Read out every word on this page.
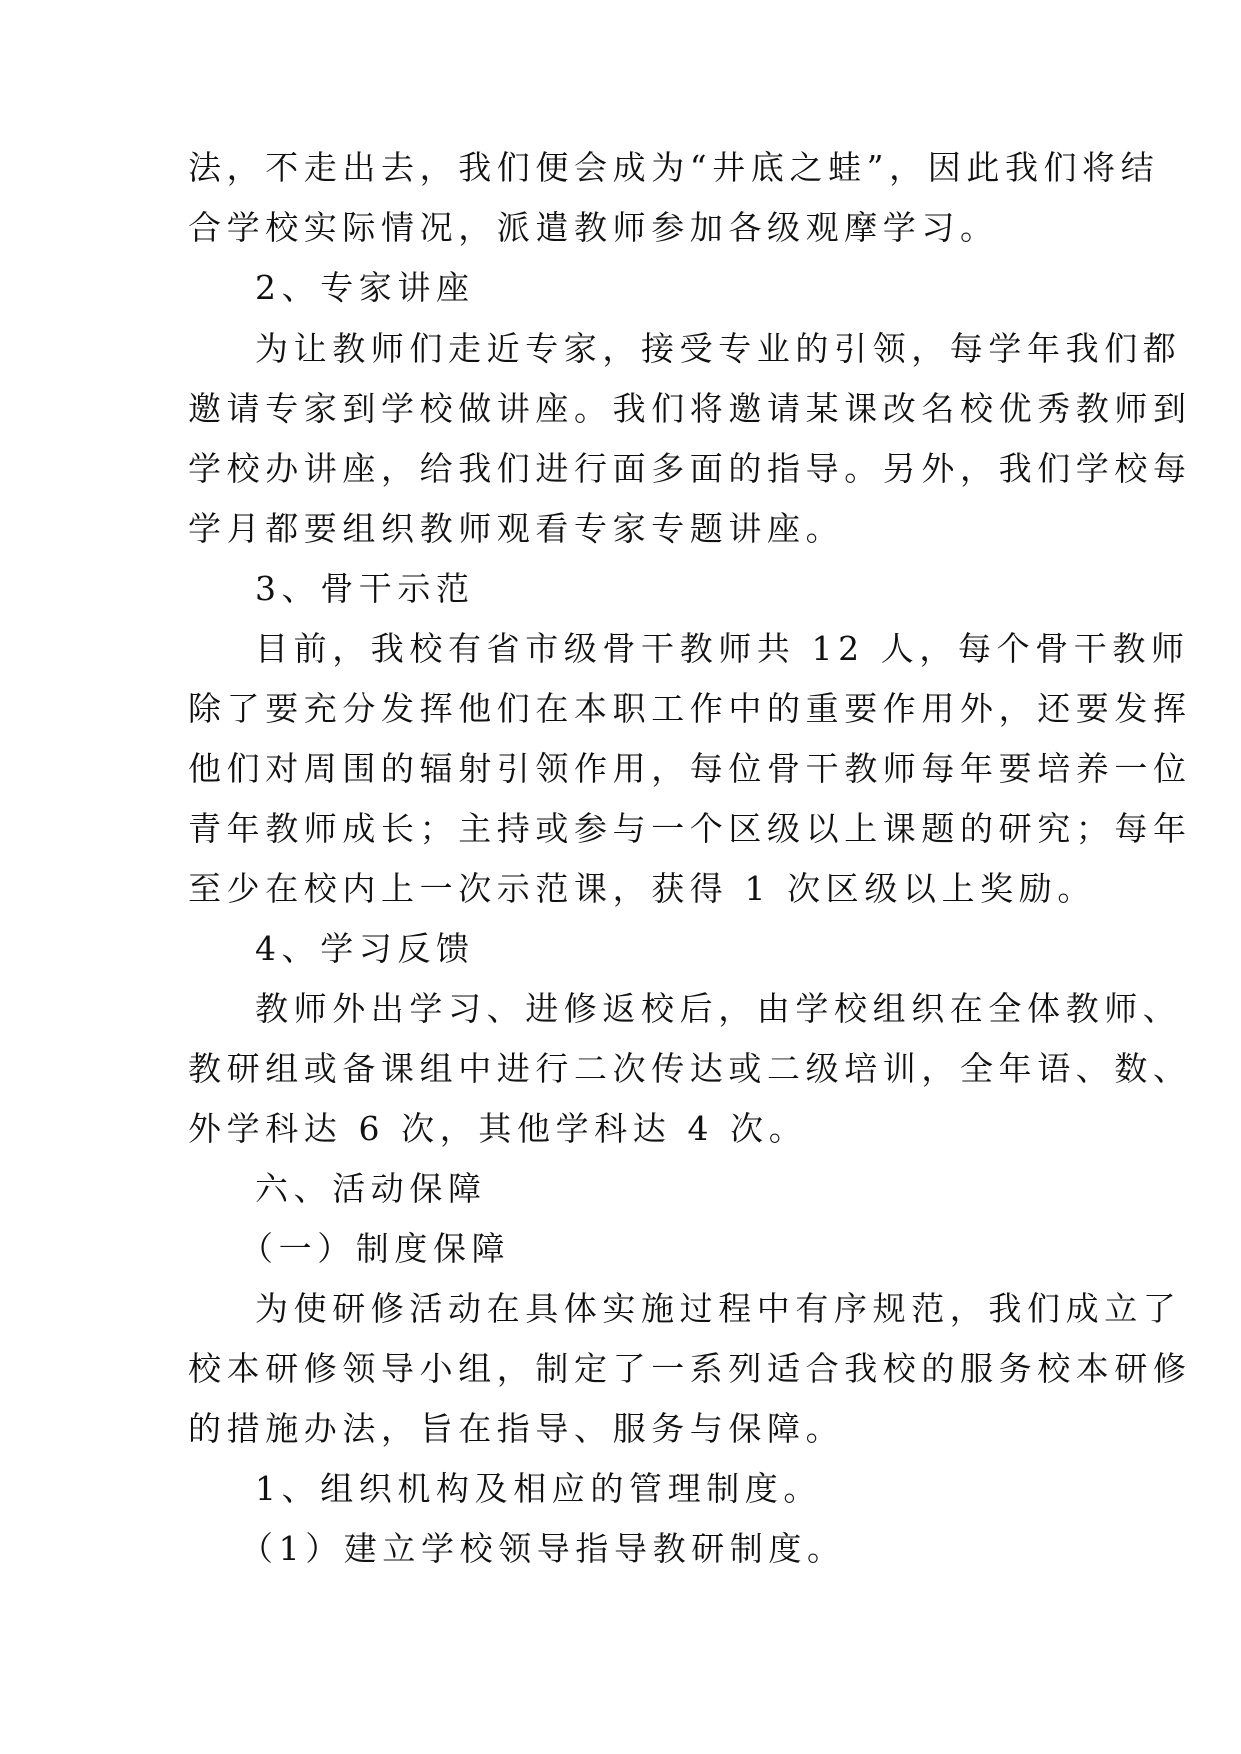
法，不走出去，我们便会成为“井底之蛙”，因此我们将结
合学校实际情况，派遣教师参加各级观摩学习。
2、专家讲座
为让教师们走近专家，接受专业的引领，每学年我们都
邀请专家到学校做讲座。我们将邀请某课改名校优秀教师到
学校办讲座，给我们进行面多面的指导。另外，我们学校每
学月都要组织教师观看专家专题讲座。
3、骨干示范
目前，我校有省市级骨干教师共 12 人，每个骨干教师
除了要充分发挥他们在本职工作中的重要作用外，还要发挥
他们对周围的辐射引领作用，每位骨干教师每年要培养一位
青年教师成长；主持或参与一个区级以上课题的研究；每年
至少在校内上一次示范课，获得 1 次区级以上奖励。
4、学习反馈
教师外出学习、进修返校后，由学校组织在全体教师、
教研组或备课组中进行二次传达或二级培训，全年语、数、
外学科达 6 次，其他学科达 4 次。
六、活动保障
（一）制度保障
为使研修活动在具体实施过程中有序规范，我们成立了
校本研修领导小组，制定了一系列适合我校的服务校本研修
的措施办法，旨在指导、服务与保障。
1、组织机构及相应的管理制度。
（1）建立学校领导指导教研制度。
